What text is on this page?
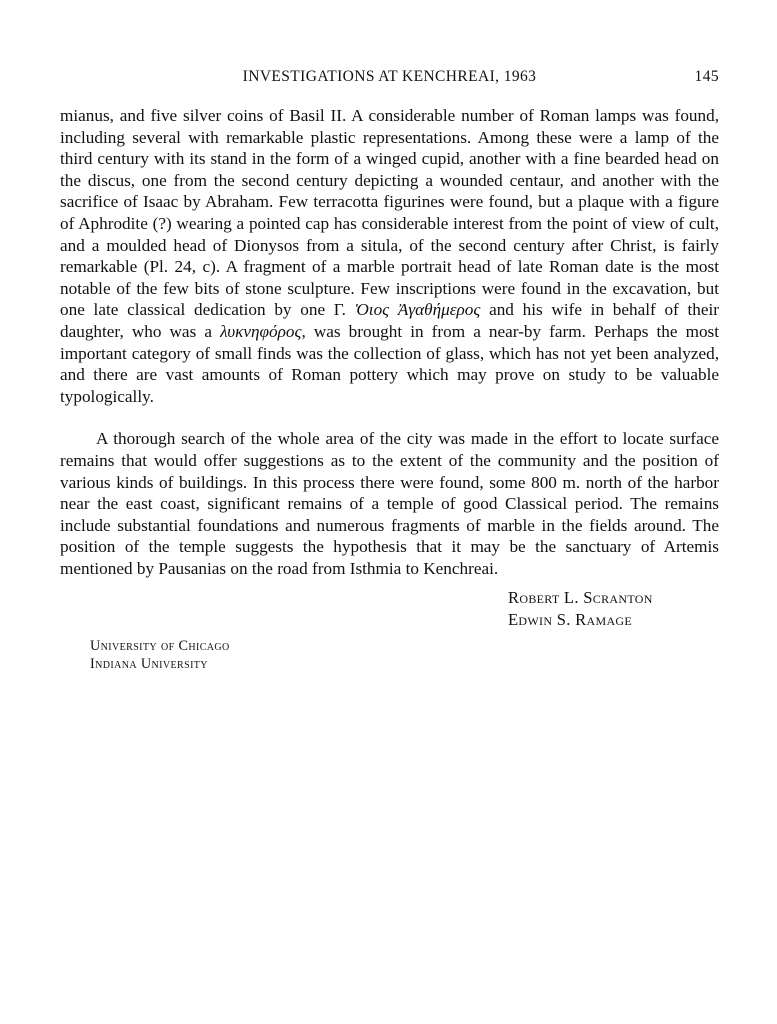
INVESTIGATIONS AT KENCHREAI, 1963	145

mianus, and five silver coins of Basil II. A considerable number of Roman lamps was found, including several with remarkable plastic representations. Among these were a lamp of the third century with its stand in the form of a winged cupid, another with a fine bearded head on the discus, one from the second century depicting a wounded centaur, and another with the sacrifice of Isaac by Abraham. Few terracotta figurines were found, but a plaque with a figure of Aphrodite (?) wearing a pointed cap has considerable interest from the point of view of cult, and a moulded head of Dionysos from a situla, of the second century after Christ, is fairly remarkable (Pl. 24, c). A fragment of a marble portrait head of late Roman date is the most notable of the few bits of stone sculpture. Few inscriptions were found in the excavation, but one late classical dedication by one Γ. Ὁιος Ἀγαθήμερος and his wife in behalf of their daughter, who was a λυκνηφόρος, was brought in from a near-by farm. Perhaps the most important category of small finds was the collection of glass, which has not yet been analyzed, and there are vast amounts of Roman pottery which may prove on study to be valuable typologically.

A thorough search of the whole area of the city was made in the effort to locate surface remains that would offer suggestions as to the extent of the community and the position of various kinds of buildings. In this process there were found, some 800 m. north of the harbor near the east coast, significant remains of a temple of good Classical period. The remains include substantial foundations and numerous fragments of marble in the fields around. The position of the temple suggests the hypothesis that it may be the sanctuary of Artemis mentioned by Pausanias on the road from Isthmia to Kenchreai.

Robert L. Scranton
Edwin S. Ramage
University of Chicago
Indiana University
